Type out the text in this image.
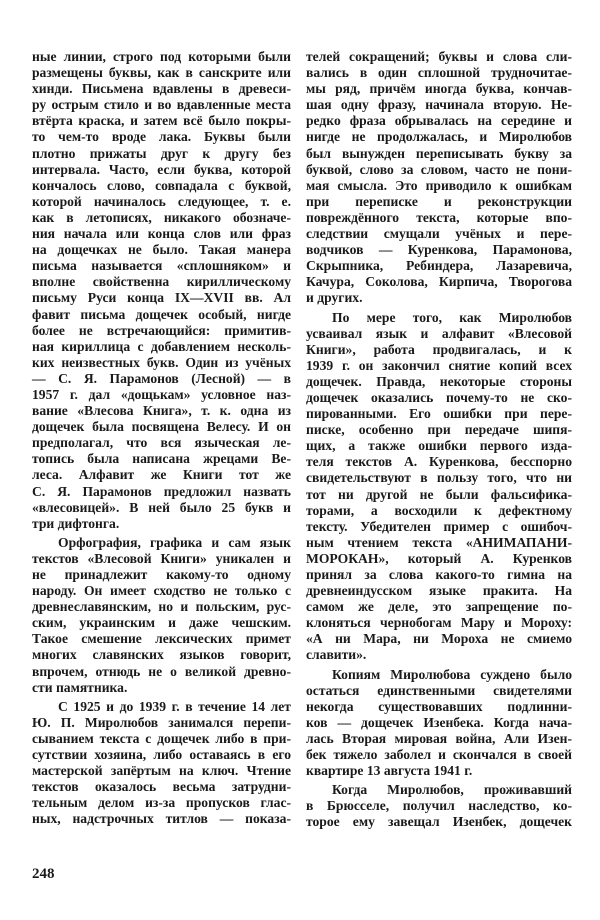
ные линии, строго под которыми были
размещены буквы, как в санскрите или
хинди. Письмена вдавлены в древеси-
ру острым стило и во вдавленные места
втёрта краска, и затем всё было покры-
то чем-то вроде лака. Буквы были
плотно прижаты друг к другу без
интервала. Часто, если буква, которой
кончалось слово, совпадала с буквой,
которой начиналось следующее, т. е.
как в летописях, никакого обозначе-
ния начала или конца слов или фраз
на дощечках не было. Такая манера
письма называется «сплошняком» и
вполне свойственна кириллическому
письму Руси конца IX—XVII вв. Ал
фавит письма дощечек особый, нигде
более не встречающийся: примитив-
ная кириллица с добавлением несколь-
ких неизвестных букв. Один из учёных
— С. Я. Парамонов (Лесной) — в
1957 г. дал «дощькам» условное наз-
вание «Влесова Книга», т. к. одна из
дощечек была посвящена Велесу. И он
предполагал, что вся языческая ле-
топись была написана жрецами Ве-
леса. Алфавит же Книги тот же
С. Я. Парамонов предложил назвать
«влесовицей». В ней было 25 букв и
три дифтонга.
Орфография, графика и сам язык
текстов «Влесовой Книги» уникален и
не принадлежит какому-то одному
народу. Он имеет сходство не только с
древнеславянским, но и польским, рус-
ским, украинским и даже чешским.
Такое смешение лексических примет
многих славянских языков говорит,
впрочем, отнюдь не о великой древно-
сти памятника.
С 1925 и до 1939 г. в течение 14 лет
Ю. П. Миролюбов занимался перепи-
сыванием текста с дощечек либо в при-
сутствии хозяина, либо оставаясь в его
мастерской запёртым на ключ. Чтение
текстов оказалось весьма затрудни-
тельным делом из-за пропусков глас-
ных, надстрочных титлов — показа-
телей сокращений; буквы и слова сли-
вались в один сплошной трудночитае-
мы ряд, причём иногда буква, кончав-
шая одну фразу, начинала вторую. Не-
редко фраза обрывалась на середине и
нигде не продолжалась, и Миролюбов
был вынужден переписывать букву за
буквой, слово за словом, часто не пони-
мая смысла. Это приводило к ошибкам
при переписке и реконструкции
повреждённого текста, которые впо-
следствии смущали учёных и пере-
водчиков — Куренкова, Парамонова,
Скрыпника, Ребиндера, Лазаревича,
Качура, Соколова, Кирпича, Творогова
и других.
По мере того, как Миролюбов
усваивал язык и алфавит «Влесовой
Книги», работа продвигалась, и к
1939 г. он закончил снятие копий всех
дощечек. Правда, некоторые стороны
дощечек оказались почему-то не ско-
пированными. Его ошибки при пере-
писке, особенно при передаче шипя-
щих, а также ошибки первого изда-
теля текстов А. Куренкова, бесспорно
свидетельствуют в пользу того, что ни
тот ни другой не были фальсифика-
торами, а восходили к дефектному
тексту. Убедителен пример с ошибоч-
ным чтением текста «АНИМАПАНИ-
МОРОКАН», который А. Куренков
принял за слова какого-то гимна на
древнеиндусском языке пракита. На
самом же деле, это запрещение по-
клоняться чернобогам Мару и Мороху:
«А ни Мара, ни Мороха не смиемо
славити».
Копиям Миролюбова суждено было
остаться единственными свидетелями
некогда существовавших подлинни-
ков — дощечек Изенбека. Когда нача-
лась Вторая мировая война, Али Изен-
бек тяжело заболел и скончался в своей
квартире 13 августа 1941 г.
Когда Миролюбов, проживавший
в Брюсселе, получил наследство, ко-
торое ему завещал Изенбек, дощечек
248
